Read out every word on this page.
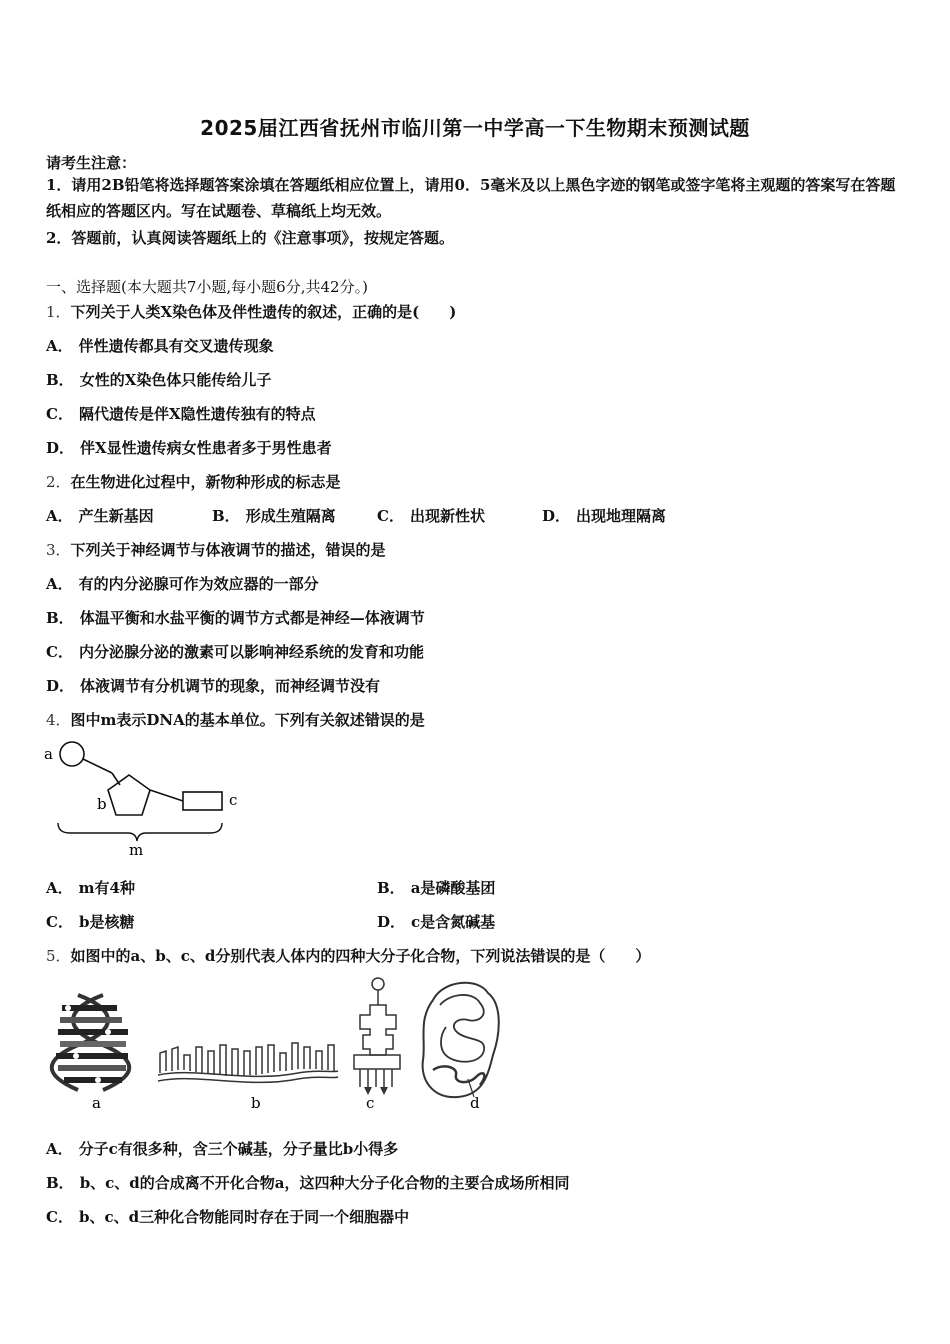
2025届江西省抚州市临川第一中学高一下生物期末预测试题
请考生注意：
1．请用2B铅笔将选择题答案涂填在答题纸相应位置上，请用0．5毫米及以上黑色字迹的钢笔或签字笔将主观题的答案写在答题纸相应的答题区内。写在试题卷、草稿纸上均无效。
2．答题前，认真阅读答题纸上的《注意事项》，按规定答题。
一、选择题(本大题共7小题,每小题6分,共42分。)
1．下列关于人类X染色体及伴性遗传的叙述，正确的是(　　)
A． 伴性遗传都具有交叉遗传现象
B． 女性的X染色体只能传给儿子
C． 隔代遗传是伴X隐性遗传独有的特点
D． 伴X显性遗传病女性患者多于男性患者
2．在生物进化过程中，新物种形成的标志是
A． 产生新基因	B． 形成生殖隔离	C． 出现新性状	D． 出现地理隔离
3．下列关于神经调节与体液调节的描述，错误的是
A． 有的内分泌腺可作为效应器的一部分
B． 体温平衡和水盐平衡的调节方式都是神经—体液调节
C． 内分泌腺分泌的激素可以影响神经系统的发育和功能
D． 体液调节有分机调节的现象，而神经调节没有
4．图中m表示DNA的基本单位。下列有关叙述错误的是
a
b	c
m
A． m有4种	B． a是磷酸基团
C． b是核糖	D． c是含氮碱基
5．如图中的a、b、c、d分别代表人体内的四种大分子化合物，下列说法错误的是（　　）
a	b	c	d
A． 分子c有很多种，含三个碱基，分子量比b小得多
B． b、c、d的合成离不开化合物a，这四种大分子化合物的主要合成场所相同
C． b、c、d三种化合物能同时存在于同一个细胞器中
